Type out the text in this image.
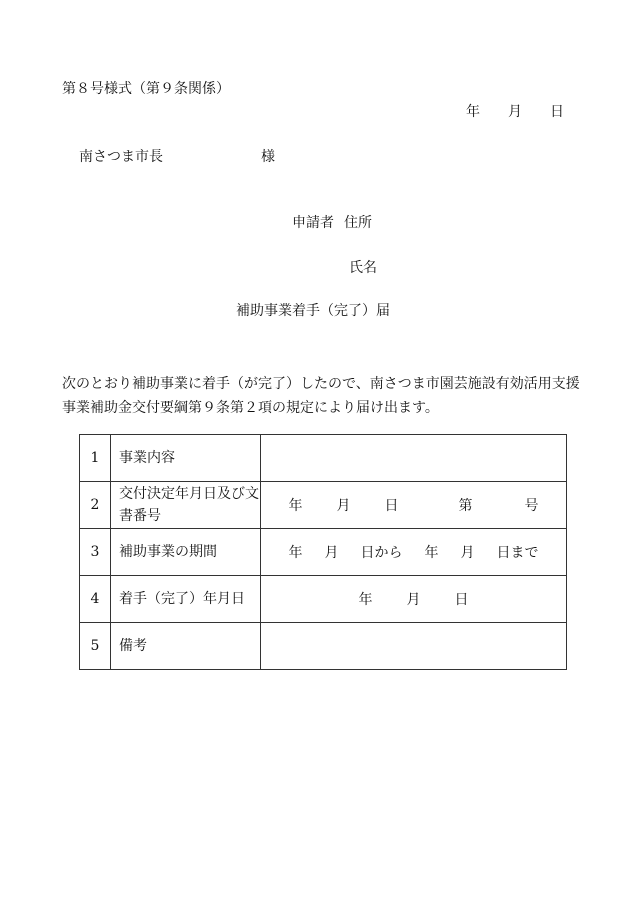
第８号様式（第９条関係）
年 月 日
南さつま市長	様
申請者 住所
氏名
補助事業着手（完了）届
次のとおり補助事業に着手（が完了）したので、南さつま市園芸施設有効活用支援事業補助金交付要綱第９条第２項の規定により届け出ます。
1	事業内容	
2	交付決定年月日及び文書番号	年 月 日 第 号
3	補助事業の期間	年 月 日から 年 月 日まで
4	着手（完了）年月日	年 月 日
5	備考	
